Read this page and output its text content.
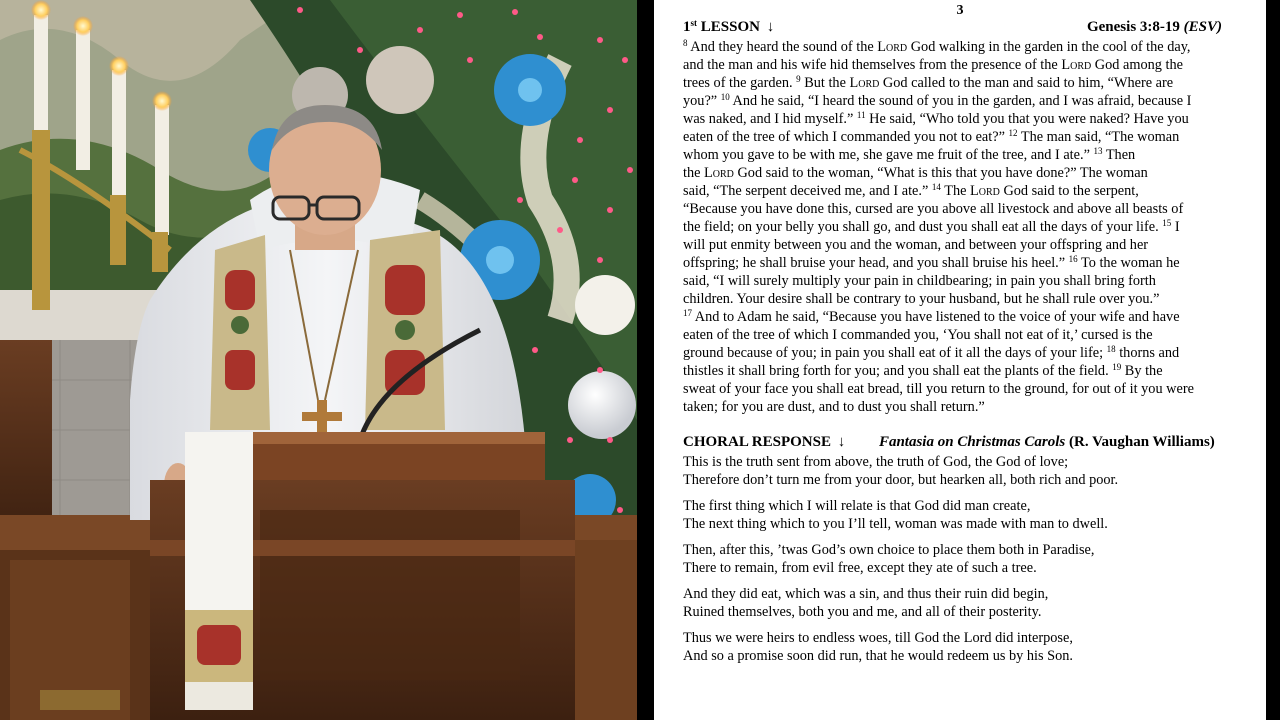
3
1st LESSON ↓	Genesis 3:8-19 (ESV)
$^8$ And they heard the sound of the Lord God walking in the garden in the cool of the day,
and the man and his wife hid themselves from the presence of the Lord God among the
trees of the garden. $^9$ But the Lord God called to the man and said to him, “Where are
you?” $^{10}$ And he said, “I heard the sound of you in the garden, and I was afraid, because I
was naked, and I hid myself.” $^{11}$ He said, “Who told you that you were naked? Have you
eaten of the tree of which I commanded you not to eat?” $^{12}$ The man said, “The woman
whom you gave to be with me, she gave me fruit of the tree, and I ate.” $^{13}$ Then
the Lord God said to the woman, “What is this that you have done?” The woman
said, “The serpent deceived me, and I ate.” $^{14}$ The Lord God said to the serpent,
“Because you have done this, cursed are you above all livestock and above all beasts of
the field; on your belly you shall go, and dust you shall eat all the days of your life. $^{15}$ I
will put enmity between you and the woman, and between your offspring and her
offspring; he shall bruise your head, and you shall bruise his heel.” $^{16}$ To the woman he
said, “I will surely multiply your pain in childbearing; in pain you shall bring forth
children. Your desire shall be contrary to your husband, but he shall rule over you.”
$^{17}$ And to Adam he said, “Because you have listened to the voice of your wife and have
eaten of the tree of which I commanded you, ‘You shall not eat of it,’ cursed is the
ground because of you; in pain you shall eat of it all the days of your life; $^{18}$ thorns and
thistles it shall bring forth for you; and you shall eat the plants of the field. $^{19}$ By the
sweat of your face you shall eat bread, till you return to the ground, for out of it you were
taken; for you are dust, and to dust you shall return.”
CHORAL RESPONSE ↓ Fantasia on Christmas Carols (R. Vaughan Williams)
This is the truth sent from above, the truth of God, the God of love;
Therefore don’t turn me from your door, but hearken all, both rich and poor.
The first thing which I will relate is that God did man create,
The next thing which to you I’ll tell, woman was made with man to dwell.
Then, after this, ’twas God’s own choice to place them both in Paradise,
There to remain, from evil free, except they ate of such a tree.
And they did eat, which was a sin, and thus their ruin did begin,
Ruined themselves, both you and me, and all of their posterity.
Thus we were heirs to endless woes, till God the Lord did interpose,
And so a promise soon did run, that he would redeem us by his Son.
